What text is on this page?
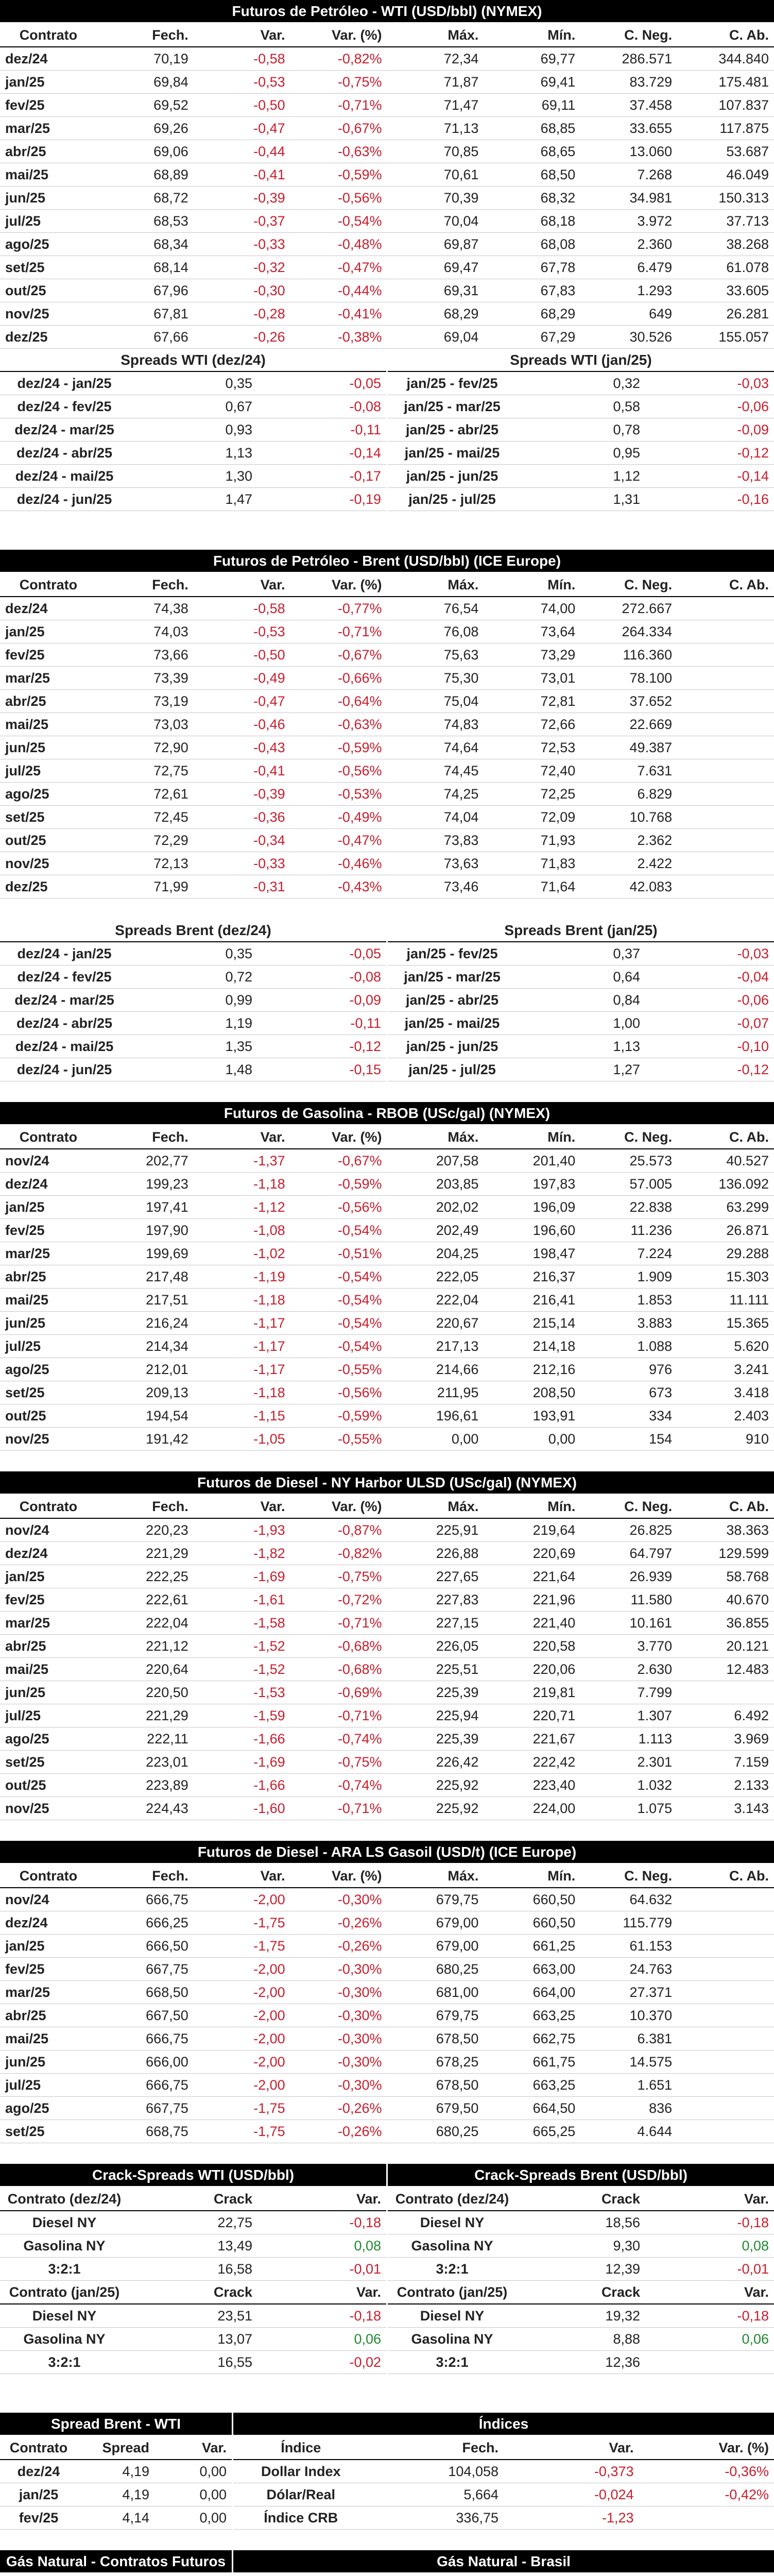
Futuros de Petróleo - WTI (USD/bbl) (NYMEX)
Contrato	Fech.	Var.	Var. (%)	Máx.	Mín.	C. Neg.	C. Ab.
dez/24	70,19	-0,58	-0,82%	72,34	69,77	286.571	344.840
jan/25	69,84	-0,53	-0,75%	71,87	69,41	83.729	175.481
fev/25	69,52	-0,50	-0,71%	71,47	69,11	37.458	107.837
mar/25	69,26	-0,47	-0,67%	71,13	68,85	33.655	117.875
abr/25	69,06	-0,44	-0,63%	70,85	68,65	13.060	53.687
mai/25	68,89	-0,41	-0,59%	70,61	68,50	7.268	46.049
jun/25	68,72	-0,39	-0,56%	70,39	68,32	34.981	150.313
jul/25	68,53	-0,37	-0,54%	70,04	68,18	3.972	37.713
ago/25	68,34	-0,33	-0,48%	69,87	68,08	2.360	38.268
set/25	68,14	-0,32	-0,47%	69,47	67,78	6.479	61.078
out/25	67,96	-0,30	-0,44%	69,31	67,83	1.293	33.605
nov/25	67,81	-0,28	-0,41%	68,29	68,29	649	26.281
dez/25	67,66	-0,26	-0,38%	69,04	67,29	30.526	155.057
Spreads WTI (dez/24)
dez/24 - jan/25	0,35	-0,05
dez/24 - fev/25	0,67	-0,08
dez/24 - mar/25	0,93	-0,11
dez/24 - abr/25	1,13	-0,14
dez/24 - mai/25	1,30	-0,17
dez/24 - jun/25	1,47	-0,19
Spreads WTI (jan/25)
jan/25 - fev/25	0,32	-0,03
jan/25 - mar/25	0,58	-0,06
jan/25 - abr/25	0,78	-0,09
jan/25 - mai/25	0,95	-0,12
jan/25 - jun/25	1,12	-0,14
jan/25 - jul/25	1,31	-0,16
Futuros de Petróleo - Brent (USD/bbl) (ICE Europe)
Contrato	Fech.	Var.	Var. (%)	Máx.	Mín.	C. Neg.	C. Ab.
dez/24	74,38	-0,58	-0,77%	76,54	74,00	272.667	
jan/25	74,03	-0,53	-0,71%	76,08	73,64	264.334	
fev/25	73,66	-0,50	-0,67%	75,63	73,29	116.360	
mar/25	73,39	-0,49	-0,66%	75,30	73,01	78.100	
abr/25	73,19	-0,47	-0,64%	75,04	72,81	37.652	
mai/25	73,03	-0,46	-0,63%	74,83	72,66	22.669	
jun/25	72,90	-0,43	-0,59%	74,64	72,53	49.387	
jul/25	72,75	-0,41	-0,56%	74,45	72,40	7.631	
ago/25	72,61	-0,39	-0,53%	74,25	72,25	6.829	
set/25	72,45	-0,36	-0,49%	74,04	72,09	10.768	
out/25	72,29	-0,34	-0,47%	73,83	71,93	2.362	
nov/25	72,13	-0,33	-0,46%	73,63	71,83	2.422	
dez/25	71,99	-0,31	-0,43%	73,46	71,64	42.083	
Spreads Brent (dez/24)
dez/24 - jan/25	0,35	-0,05
dez/24 - fev/25	0,72	-0,08
dez/24 - mar/25	0,99	-0,09
dez/24 - abr/25	1,19	-0,11
dez/24 - mai/25	1,35	-0,12
dez/24 - jun/25	1,48	-0,15
Spreads Brent (jan/25)
jan/25 - fev/25	0,37	-0,03
jan/25 - mar/25	0,64	-0,04
jan/25 - abr/25	0,84	-0,06
jan/25 - mai/25	1,00	-0,07
jan/25 - jun/25	1,13	-0,10
jan/25 - jul/25	1,27	-0,12
Futuros de Gasolina - RBOB (USc/gal) (NYMEX)
Contrato	Fech.	Var.	Var. (%)	Máx.	Mín.	C. Neg.	C. Ab.
nov/24	202,77	-1,37	-0,67%	207,58	201,40	25.573	40.527
dez/24	199,23	-1,18	-0,59%	203,85	197,83	57.005	136.092
jan/25	197,41	-1,12	-0,56%	202,02	196,09	22.838	63.299
fev/25	197,90	-1,08	-0,54%	202,49	196,60	11.236	26.871
mar/25	199,69	-1,02	-0,51%	204,25	198,47	7.224	29.288
abr/25	217,48	-1,19	-0,54%	222,05	216,37	1.909	15.303
mai/25	217,51	-1,18	-0,54%	222,04	216,41	1.853	11.111
jun/25	216,24	-1,17	-0,54%	220,67	215,14	3.883	15.365
jul/25	214,34	-1,17	-0,54%	217,13	214,18	1.088	5.620
ago/25	212,01	-1,17	-0,55%	214,66	212,16	976	3.241
set/25	209,13	-1,18	-0,56%	211,95	208,50	673	3.418
out/25	194,54	-1,15	-0,59%	196,61	193,91	334	2.403
nov/25	191,42	-1,05	-0,55%	0,00	0,00	154	910
Futuros de Diesel - NY Harbor ULSD (USc/gal) (NYMEX)
Contrato	Fech.	Var.	Var. (%)	Máx.	Mín.	C. Neg.	C. Ab.
nov/24	220,23	-1,93	-0,87%	225,91	219,64	26.825	38.363
dez/24	221,29	-1,82	-0,82%	226,88	220,69	64.797	129.599
jan/25	222,25	-1,69	-0,75%	227,65	221,64	26.939	58.768
fev/25	222,61	-1,61	-0,72%	227,83	221,96	11.580	40.670
mar/25	222,04	-1,58	-0,71%	227,15	221,40	10.161	36.855
abr/25	221,12	-1,52	-0,68%	226,05	220,58	3.770	20.121
mai/25	220,64	-1,52	-0,68%	225,51	220,06	2.630	12.483
jun/25	220,50	-1,53	-0,69%	225,39	219,81	7.799	
jul/25	221,29	-1,59	-0,71%	225,94	220,71	1.307	6.492
ago/25	222,11	-1,66	-0,74%	225,39	221,67	1.113	3.969
set/25	223,01	-1,69	-0,75%	226,42	222,42	2.301	7.159
out/25	223,89	-1,66	-0,74%	225,92	223,40	1.032	2.133
nov/25	224,43	-1,60	-0,71%	225,92	224,00	1.075	3.143
Futuros de Diesel - ARA LS Gasoil (USD/t) (ICE Europe)
Contrato	Fech.	Var.	Var. (%)	Máx.	Mín.	C. Neg.	C. Ab.
nov/24	666,75	-2,00	-0,30%	679,75	660,50	64.632	
dez/24	666,25	-1,75	-0,26%	679,00	660,50	115.779	
jan/25	666,50	-1,75	-0,26%	679,00	661,25	61.153	
fev/25	667,75	-2,00	-0,30%	680,25	663,00	24.763	
mar/25	668,50	-2,00	-0,30%	681,00	664,00	27.371	
abr/25	667,50	-2,00	-0,30%	679,75	663,25	10.370	
mai/25	666,75	-2,00	-0,30%	678,50	662,75	6.381	
jun/25	666,00	-2,00	-0,30%	678,25	661,75	14.575	
jul/25	666,75	-2,00	-0,30%	678,50	663,25	1.651	
ago/25	667,75	-1,75	-0,26%	679,50	664,50	836	
set/25	668,75	-1,75	-0,26%	680,25	665,25	4.644	
Crack-Spreads WTI (USD/bbl)
Contrato (dez/24)	Crack	Var.
Diesel NY	22,75	-0,18
Gasolina NY	13,49	0,08
3:2:1	16,58	-0,01
Contrato (jan/25)	Crack	Var.
Diesel NY	23,51	-0,18
Gasolina NY	13,07	0,06
3:2:1	16,55	-0,02
Crack-Spreads Brent (USD/bbl)
Contrato (dez/24)	Crack	Var.
Diesel NY	18,56	-0,18
Gasolina NY	9,30	0,08
3:2:1	12,39	-0,01
Contrato (jan/25)	Crack	Var.
Diesel NY	19,32	-0,18
Gasolina NY	8,88	0,06
3:2:1	12,36	
Spread Brent - WTI
Contrato	Spread	Var.
dez/24	4,19	0,00
jan/25	4,19	0,00
fev/25	4,14	0,00
Índices
Índice	Fech.	Var.	Var. (%)
Dollar Index	104,058	-0,373	-0,36%
Dólar/Real	5,664	-0,024	-0,42%
Índice CRB	336,75	-1,23	
Gás Natural - Contratos Futuros

			Gás Natural - Brasil
